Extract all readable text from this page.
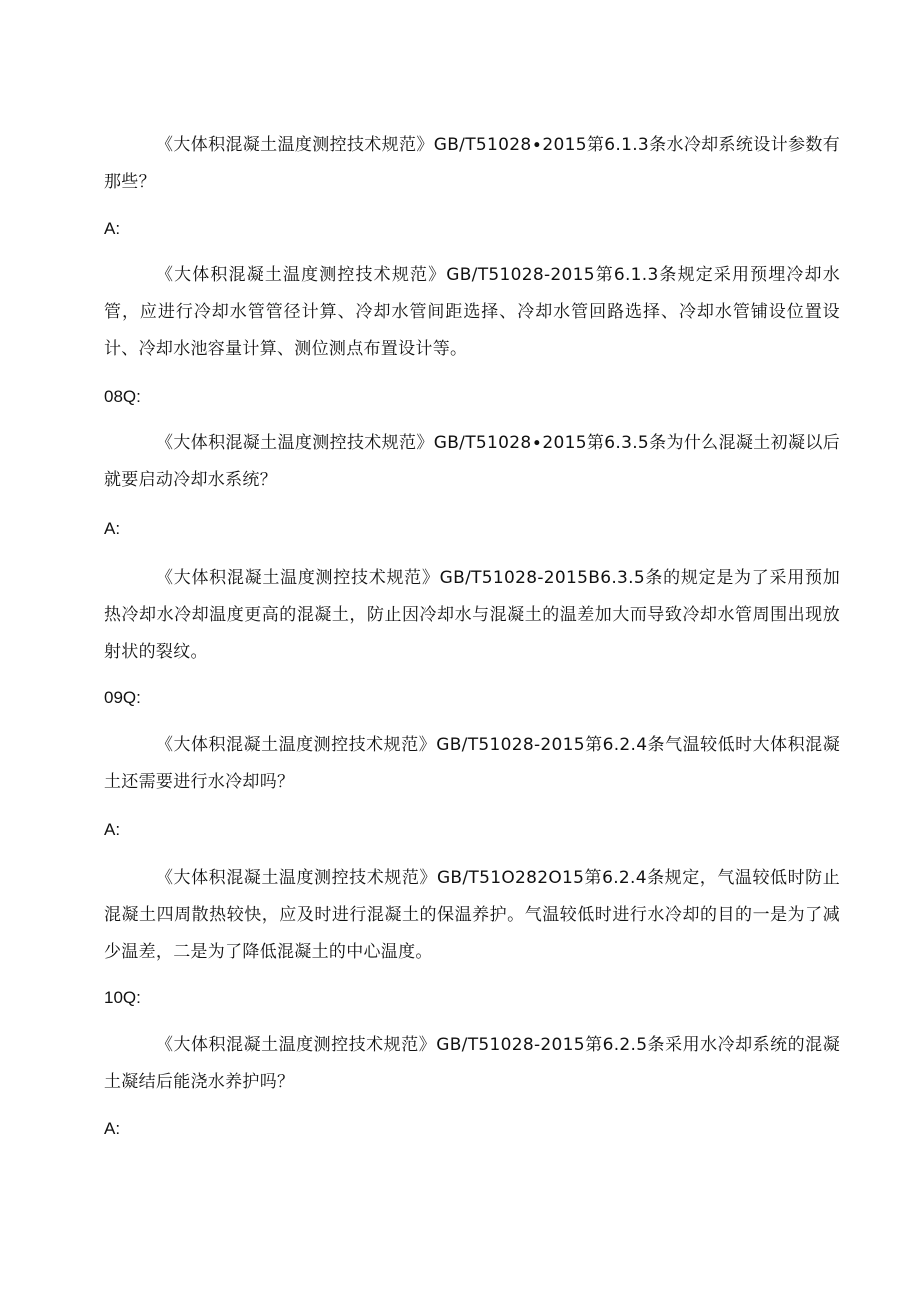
《大体积混凝土温度测控技术规范》GB∕T51028∙2015第6.1.3条水冷却系统设计参数有那些？

A:

《大体积混凝土温度测控技术规范》GB/T51028-2015第6.1.3条规定采用预埋冷却水管，应进行冷却水管管径计算、冷却水管间距选择、冷却水管回路选择、冷却水管铺设位置设计、冷却水池容量计算、测位测点布置设计等。

08Q:

《大体积混凝土温度测控技术规范》GB∕T51028∙2015第6.3.5条为什么混凝土初凝以后就要启动冷却水系统？

A:

《大体积混凝土温度测控技术规范》GB/T51028-2015B6.3.5条的规定是为了采用预加热冷却水冷却温度更高的混凝土，防止因冷却水与混凝土的温差加大而导致冷却水管周围出现放射状的裂纹。

09Q:

《大体积混凝土温度测控技术规范》GB/T51028-2015第6.2.4条气温较低时大体积混凝土还需要进行水冷却吗？

A:

《大体积混凝土温度测控技术规范》GB/T51O282O15第6.2.4条规定，气温较低时防止混凝土四周散热较快，应及时进行混凝土的保温养护。气温较低时进行水冷却的目的一是为了减少温差，二是为了降低混凝土的中心温度。

10Q:

《大体积混凝土温度测控技术规范》GB/T51028-2015第6.2.5条采用水冷却系统的混凝土凝结后能浇水养护吗？

A:
